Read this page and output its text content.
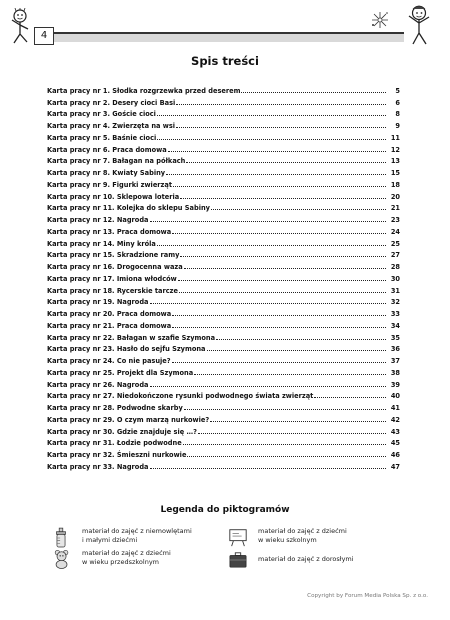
4
Spis treści
Karta pracy nr 1. Słodka rozgrzewka przed deserem	5
Karta pracy nr 2. Desery cioci Basi	6
Karta pracy nr 3. Goście cioci	8
Karta pracy nr 4. Zwierzęta na wsi	9
Karta pracy nr 5. Baśnie cioci	11
Karta pracy nr 6. Praca domowa	12
Karta pracy nr 7. Bałagan na półkach	13
Karta pracy nr 8. Kwiaty Sabiny	15
Karta pracy nr 9. Figurki zwierząt	18
Karta pracy nr 10. Sklepowa loteria	20
Karta pracy nr 11. Kolejka do sklepu Sabiny	21
Karta pracy nr 12. Nagroda	23
Karta pracy nr 13. Praca domowa	24
Karta pracy nr 14. Miny króla	25
Karta pracy nr 15. Skradzione ramy	27
Karta pracy nr 16. Drogocenna waza	28
Karta pracy nr 17. Imiona włodców	30
Karta pracy nr 18. Rycerskie tarcze	31
Karta pracy nr 19. Nagroda	32
Karta pracy nr 20. Praca domowa	33
Karta pracy nr 21. Praca domowa	34
Karta pracy nr 22. Bałagan w szafie Szymona	35
Karta pracy nr 23. Hasło do sejfu Szymona	36
Karta pracy nr 24. Co nie pasuje?	37
Karta pracy nr 25. Projekt dla Szymona	38
Karta pracy nr 26. Nagroda	39
Karta pracy nr 27. Niedokończone rysunki podwodnego świata zwierząt	40
Karta pracy nr 28. Podwodne skarby	41
Karta pracy nr 29. O czym marzą nurkowie?	42
Karta pracy nr 30. Gdzie znajduje się …?	43
Karta pracy nr 31. Łodzie podwodne	45
Karta pracy nr 32. Śmieszni nurkowie	46
Karta pracy nr 33. Nagroda	47
Legenda do piktogramów
materiał do zajęć z niemowlętami
i małymi dziećmi
materiał do zajęć z dziećmi
w wieku szkolnym
materiał do zajęć z dziećmi
w wieku przedszkolnym	materiał do zajęć z dorosłymi
Copyright by Forum Media Polska Sp. z o.o.
